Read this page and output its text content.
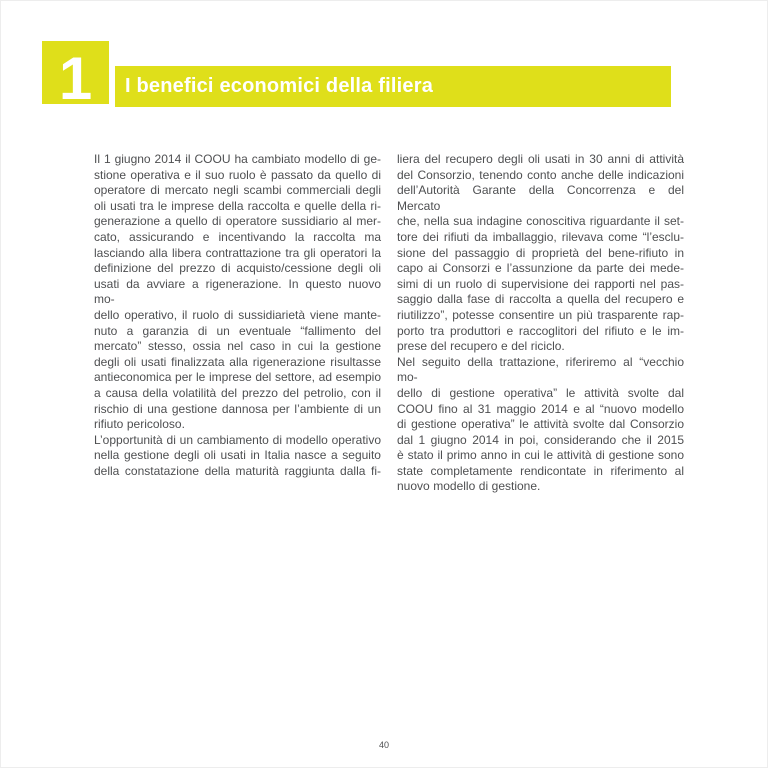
1	I benefici economici della filiera
Il 1 giugno 2014 il COOU ha cambiato modello di ge-
stione operativa e il suo ruolo è passato da quello di
operatore di mercato negli scambi commerciali degli
oli usati tra le imprese della raccolta e quelle della ri-
generazione a quello di operatore sussidiario al mer-
cato, assicurando e incentivando la raccolta ma
lasciando alla libera contrattazione tra gli operatori la
definizione del prezzo di acquisto/cessione degli oli
usati da avviare a rigenerazione. In questo nuovo mo-
dello operativo, il ruolo di sussidiarietà viene mante-
nuto a garanzia di un eventuale “fallimento del
mercato” stesso, ossia nel caso in cui la gestione
degli oli usati finalizzata alla rigenerazione risultasse
antieconomica per le imprese del settore, ad esempio
a causa della volatilità del prezzo del petrolio, con il
rischio di una gestione dannosa per l’ambiente di un
rifiuto pericoloso.
L’opportunità di un cambiamento di modello operativo
nella gestione degli oli usati in Italia nasce a seguito
della constatazione della maturità raggiunta dalla fi-
liera del recupero degli oli usati in 30 anni di attività
del Consorzio, tenendo conto anche delle indicazioni
dell’Autorità Garante della Concorrenza e del Mercato
che, nella sua indagine conoscitiva riguardante il set-
tore dei rifiuti da imballaggio, rilevava come “l’esclu-
sione del passaggio di proprietà del bene-rifiuto in
capo ai Consorzi e l’assunzione da parte dei mede-
simi di un ruolo di supervisione dei rapporti nel pas-
saggio dalla fase di raccolta a quella del recupero e
riutilizzo”, potesse consentire un più trasparente rap-
porto tra produttori e raccoglitori del rifiuto e le im-
prese del recupero e del riciclo.
Nel seguito della trattazione, riferiremo al “vecchio mo-
dello di gestione operativa” le attività svolte dal
COOU fino al 31 maggio 2014 e al “nuovo modello
di gestione operativa” le attività svolte dal Consorzio
dal 1 giugno 2014 in poi, considerando che il 2015
è stato il primo anno in cui le attività di gestione sono
state completamente rendicontate in riferimento al
nuovo modello di gestione.
40
